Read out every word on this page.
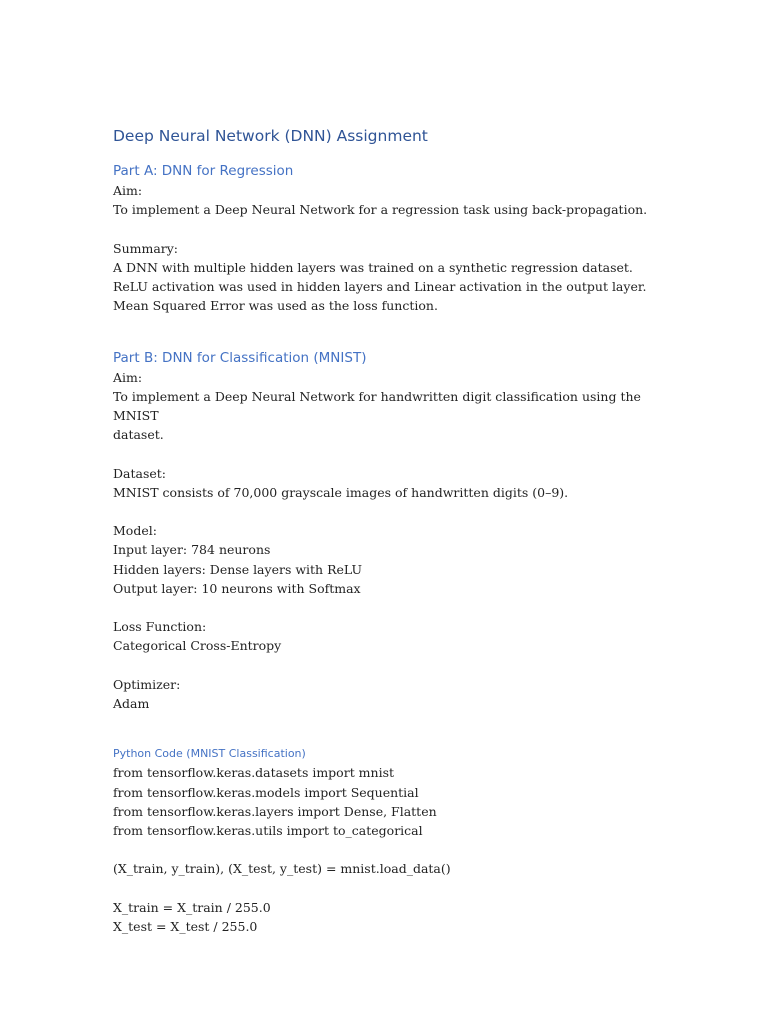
Deep Neural Network (DNN) Assignment
Part A: DNN for Regression

Aim:

To implement a Deep Neural Network for a regression task using back-propagation.

Summary:

A DNN with multiple hidden layers was trained on a synthetic regression dataset.

ReLU activation was used in hidden layers and Linear activation in the output layer.

Mean Squared Error was used as the loss function.

Part B: DNN for Classification (MNIST)

Aim:

To implement a Deep Neural Network for handwritten digit classification using the MNIST

dataset.

Dataset:

MNIST consists of 70,000 grayscale images of handwritten digits (0–9).

Model:

Input layer: 784 neurons

Hidden layers: Dense layers with ReLU

Output layer: 10 neurons with Softmax

Loss Function:

Categorical Cross-Entropy

Optimizer:

Adam

Python Code (MNIST Classification)

from tensorflow.keras.datasets import mnist

from tensorflow.keras.models import Sequential

from tensorflow.keras.layers import Dense, Flatten

from tensorflow.keras.utils import to_categorical

(X_train, y_train), (X_test, y_test) = mnist.load_data()

X_train = X_train / 255.0

X_test = X_test / 255.0
